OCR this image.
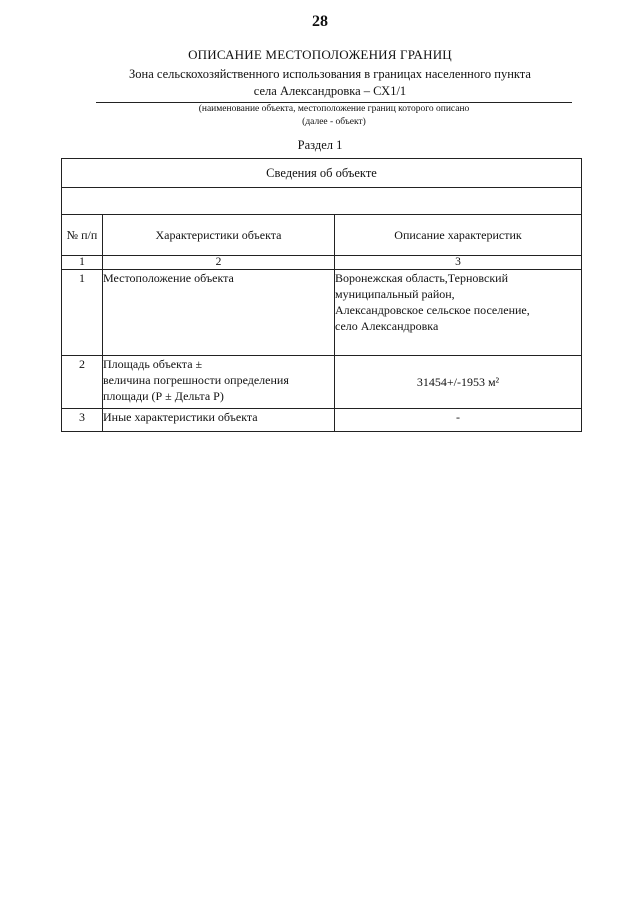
28
ОПИСАНИЕ МЕСТОПОЛОЖЕНИЯ ГРАНИЦ
Зона сельскохозяйственного использования в границах населенного пункта
села Александровка – СХ1/1
(наименование объекта, местоположение границ которого описано
(далее - объект)
Раздел 1
Сведения об объекте		

№ п/п	Характеристики объекта	Описание характеристик
1	2	3
1	Местоположение объекта	Воронежская область,Терновский
муниципальный район,
Александровское сельское поселение,
село Александровка

2	Площадь объекта ±
величина погрешности определения
площади (Р ± Дельта Р)	31454+/-1953 м²

3	Иные характеристики объекта	-
